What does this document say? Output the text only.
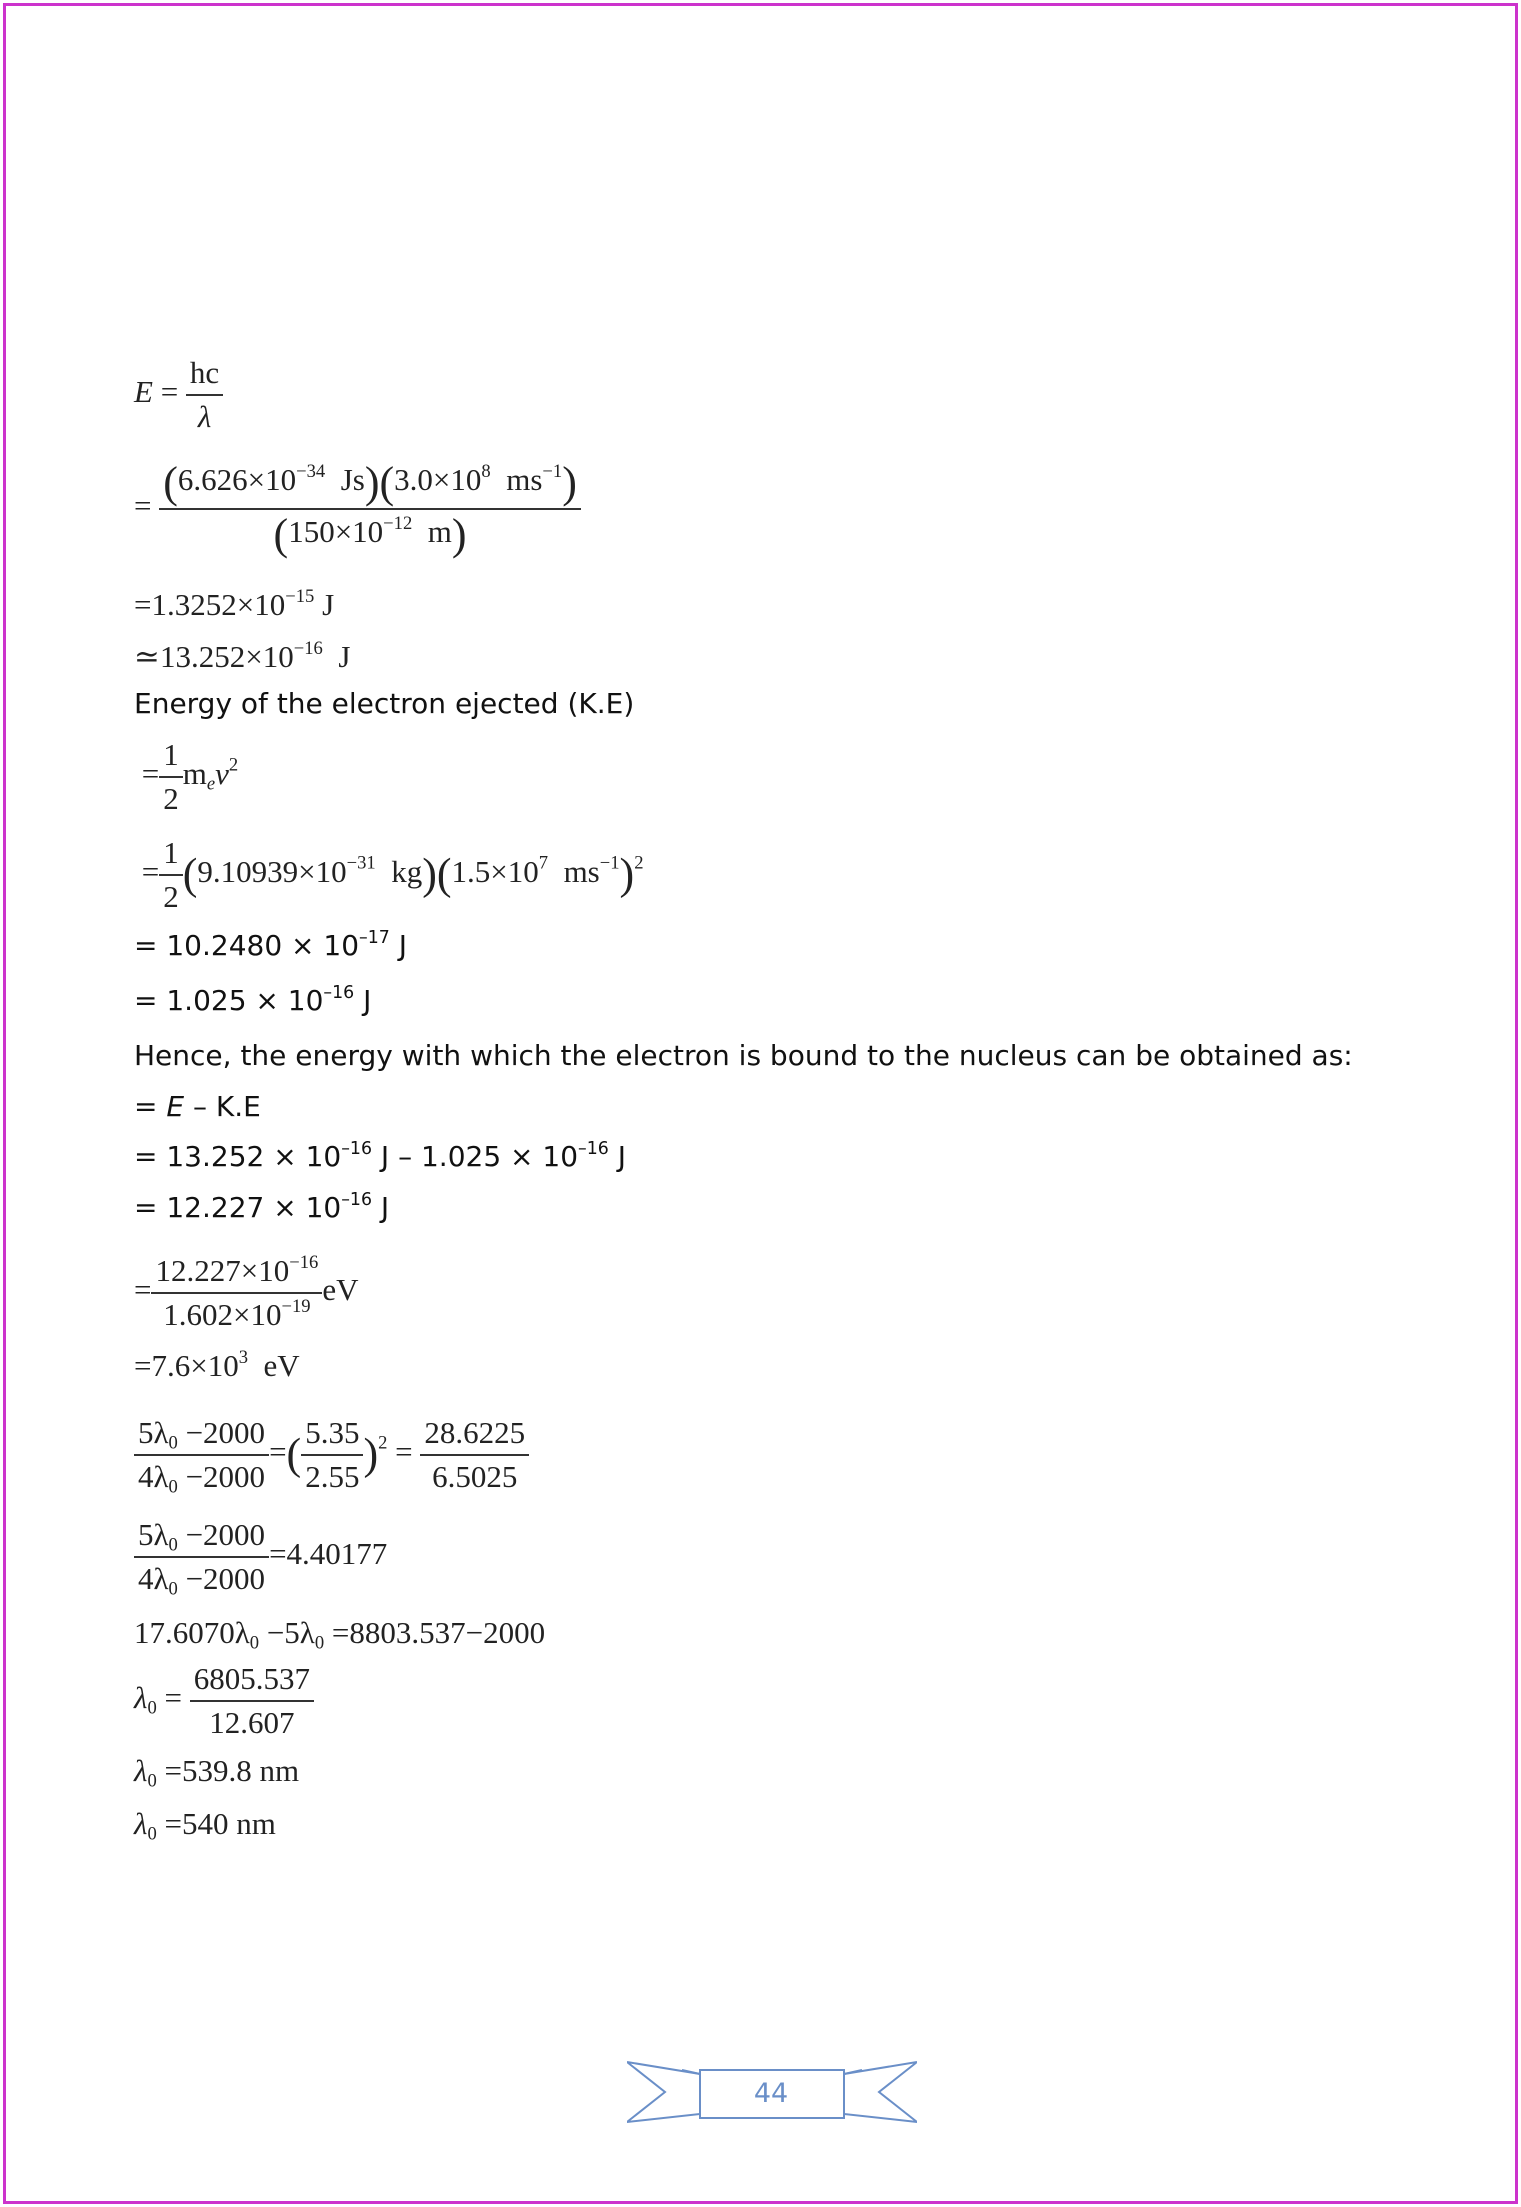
$E = \frac{hc}{\lambda}$
= $\frac{(6.626\times 10^{-34} Js)(3.0\times 10^8 ms^{-1})}{(150\times 10^{-12} m)}$
$=1.3252\times 10^{-15}$ J
$≃13.252\times 10^{-16}$ J
Energy of the electron ejected (K.E)
= $\frac{1}{2} m_ev^2$
= $\frac{1}{2} (9.10939\times 10^{-31}$ $kg)(1.5\times 10^7$ $ms^{-1})^2$
= $10.2480 \times 10^{-17}$ J
= $1.025 \times 10^{-16}$ J
Hence, the energy with which the electron is bound to the nucleus can be obtained as:
= E – K.E
= $13.252 \times 10^{-16}$ $J - 1.025 \times 10^{-16}$ J
= $12.227 \times 10^{-16}$ J
= $\frac{12.227\times 10^{-16}}{1.602\times 10^{-19}}$ eV
$=7.6\times 10^3$ eV
$\frac{5\lambda_0 -2000}{4\lambda_0 -2000}$ =( $\frac{5.35}{2.55} )^2 = \frac{28.6225}{6.5025}$
$\frac{5\lambda_0 -2000}{4\lambda_0 -2000} =4.40177$
$17.6070\lambda_0 -5\lambda_0 =8803.537-2000$
$\lambda_0 = \frac{6805.537}{12.607}$
$\lambda_0 =539.8$ nm
$\lambda_0 =540$ nm
44
